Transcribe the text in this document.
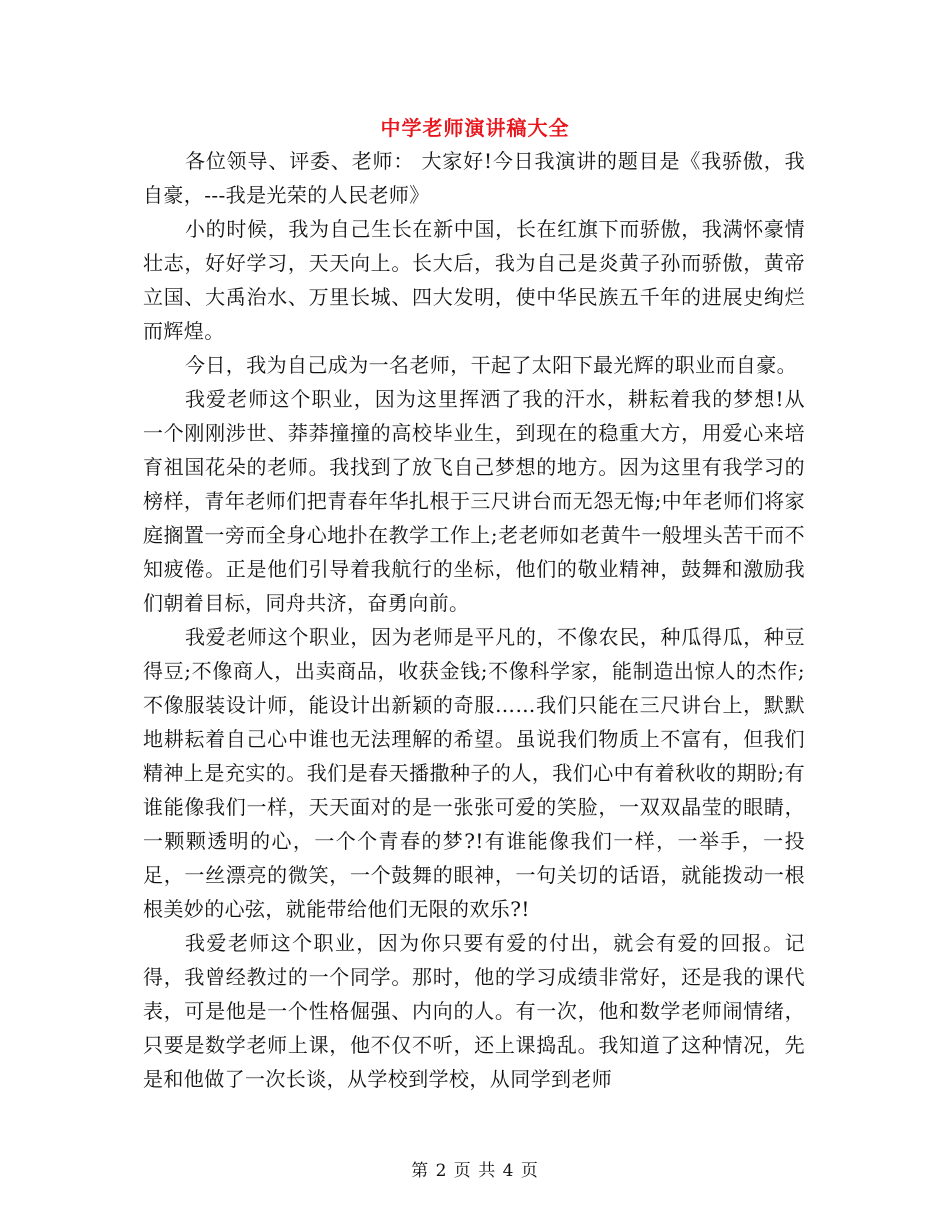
中学老师演讲稿大全

各位领导、评委、老师： 大家好!今日我演讲的题目是《我骄傲，我自豪，---我是光荣的人民老师》

小的时候，我为自己生长在新中国，长在红旗下而骄傲，我满怀豪情壮志，好好学习，天天向上。长大后，我为自己是炎黄子孙而骄傲，黄帝立国、大禹治水、万里长城、四大发明，使中华民族五千年的进展史绚烂而辉煌。

今日，我为自己成为一名老师，干起了太阳下最光辉的职业而自豪。

我爱老师这个职业，因为这里挥洒了我的汗水，耕耘着我的梦想!从一个刚刚涉世、莽莽撞撞的高校毕业生，到现在的稳重大方，用爱心来培育祖国花朵的老师。我找到了放飞自己梦想的地方。因为这里有我学习的榜样，青年老师们把青春年华扎根于三尺讲台而无怨无悔;中年老师们将家庭搁置一旁而全身心地扑在教学工作上;老老师如老黄牛一般埋头苦干而不知疲倦。正是他们引导着我航行的坐标，他们的敬业精神，鼓舞和激励我们朝着目标，同舟共济，奋勇向前。

我爱老师这个职业，因为老师是平凡的，不像农民，种瓜得瓜，种豆得豆;不像商人，出卖商品，收获金钱;不像科学家，能制造出惊人的杰作;不像服装设计师，能设计出新颖的奇服……我们只能在三尺讲台上，默默地耕耘着自己心中谁也无法理解的希望。虽说我们物质上不富有，但我们精神上是充实的。我们是春天播撒种子的人，我们心中有着秋收的期盼;有谁能像我们一样，天天面对的是一张张可爱的笑脸，一双双晶莹的眼睛，一颗颗透明的心，一个个青春的梦?!有谁能像我们一样，一举手，一投足，一丝漂亮的微笑，一个鼓舞的眼神，一句关切的话语，就能拨动一根根美妙的心弦，就能带给他们无限的欢乐?!

我爱老师这个职业，因为你只要有爱的付出，就会有爱的回报。记得，我曾经教过的一个同学。那时，他的学习成绩非常好，还是我的课代表，可是他是一个性格倔强、内向的人。有一次，他和数学老师闹情绪，只要是数学老师上课，他不仅不听，还上课捣乱。我知道了这种情况，先是和他做了一次长谈，从学校到学校，从同学到老师

第 2 页 共 4 页
